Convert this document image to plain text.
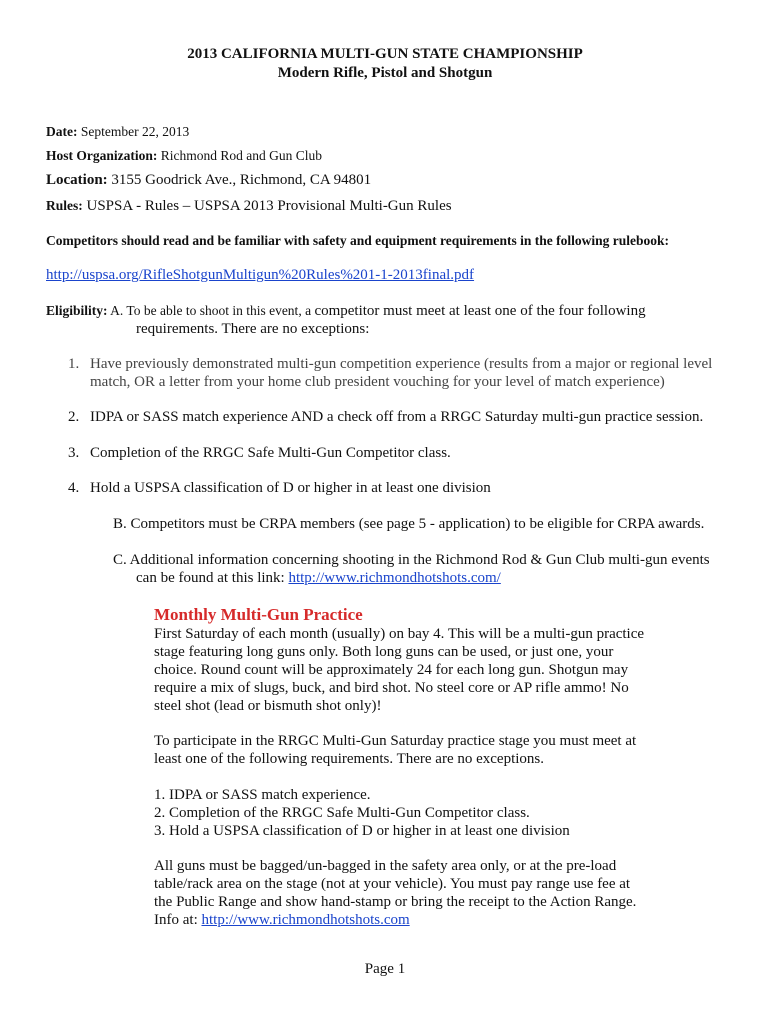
2013 CALIFORNIA MULTI-GUN STATE CHAMPIONSHIP
Modern Rifle, Pistol and Shotgun
Date: September 22, 2013
Host Organization: Richmond Rod and Gun Club
Location: 3155 Goodrick Ave., Richmond, CA 94801
Rules: USPSA - Rules – USPSA 2013 Provisional Multi-Gun Rules
Competitors should read and be familiar with safety and equipment requirements in the following rulebook:
http://uspsa.org/RifleShotgunMultigun%20Rules%201-1-2013final.pdf
Eligibility: A. To be able to shoot in this event, a competitor must meet at least one of the four following
requirements. There are no exceptions:
1. Have previously demonstrated multi-gun competition experience (results from a major or regional level
match, OR a letter from your home club president vouching for your level of match experience)
2. IDPA or SASS match experience AND a check off from a RRGC Saturday multi-gun practice session.
3. Completion of the RRGC Safe Multi-Gun Competitor class.
4. Hold a USPSA classification of D or higher in at least one division
B. Competitors must be CRPA members (see page 5 - application) to be eligible for CRPA awards.
C. Additional information concerning shooting in the Richmond Rod & Gun Club multi-gun events
can be found at this link: http://www.richmondhotshots.com/
Monthly Multi-Gun Practice
First Saturday of each month (usually) on bay 4. This will be a multi-gun practice
stage featuring long guns only. Both long guns can be used, or just one, your
choice. Round count will be approximately 24 for each long gun. Shotgun may
require a mix of slugs, buck, and bird shot. No steel core or AP rifle ammo! No
steel shot (lead or bismuth shot only)!
To participate in the RRGC Multi-Gun Saturday practice stage you must meet at
least one of the following requirements. There are no exceptions.
1. IDPA or SASS match experience.
2. Completion of the RRGC Safe Multi-Gun Competitor class.
3. Hold a USPSA classification of D or higher in at least one division
All guns must be bagged/un-bagged in the safety area only, or at the pre-load
table/rack area on the stage (not at your vehicle). You must pay range use fee at
the Public Range and show hand-stamp or bring the receipt to the Action Range.
Info at: http://www.richmondhotshots.com
Page 1
